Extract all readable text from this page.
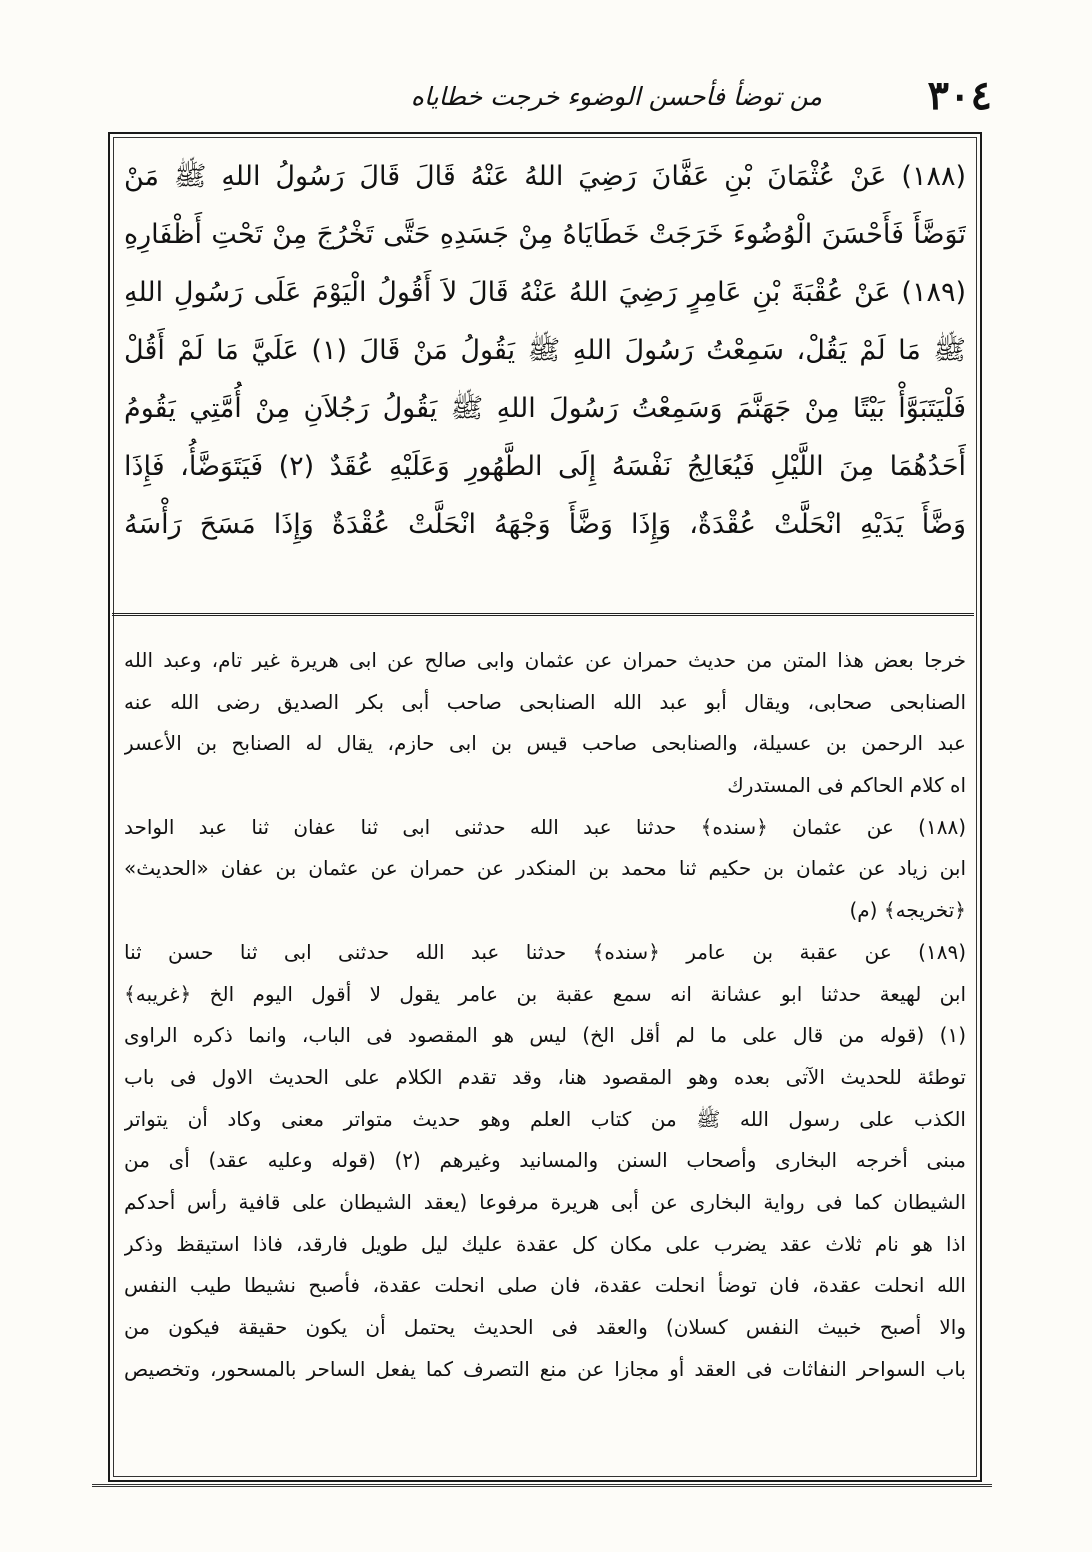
٣٠٤
من توضأ فأحسن الوضوء خرجت خطاياه
(١٨٨) عَنْ عُثْمَانَ بْنِ عَفَّانَ رَضِيَ اللهُ عَنْهُ قَالَ قَالَ رَسُولُ اللهِ ﷺ مَنْ
تَوَضَّأَ فَأَحْسَنَ الْوُضُوءَ خَرَجَتْ خَطَايَاهُ مِنْ جَسَدِهِ حَتَّى تَخْرُجَ مِنْ تَحْتِ أَظْفَارِهِ
(١٨٩) عَنْ عُقْبَةَ بْنِ عَامِرٍ رَضِيَ اللهُ عَنْهُ قَالَ لاَ أَقُولُ الْيَوْمَ عَلَى رَسُولِ اللهِ
ﷺ مَا لَمْ يَقُلْ، سَمِعْتُ رَسُولَ اللهِ ﷺ يَقُولُ مَنْ قَالَ (١) عَلَيَّ مَا لَمْ أَقُلْ
فَلْيَتَبَوَّأْ بَيْتًا مِنْ جَهَنَّمَ وَسَمِعْتُ رَسُولَ اللهِ ﷺ يَقُولُ رَجُلاَنِ مِنْ أُمَّتِي يَقُومُ
أَحَدُهُمَا مِنَ اللَّيْلِ فَيُعَالِجُ نَفْسَهُ إِلَى الطَّهُورِ وَعَلَيْهِ عُقَدٌ (٢) فَيَتَوَضَّأُ، فَإِذَا
وَضَّأَ يَدَيْهِ انْحَلَّتْ عُقْدَةٌ، وَإِذَا وَضَّأَ وَجْهَهُ انْحَلَّتْ عُقْدَةٌ وَإِذَا مَسَحَ رَأْسَهُ
خرجا بعض هذا المتن من حديث حمران عن عثمان وابى صالح عن ابى هريرة غير تام، وعبد الله
الصنابحى صحابى، ويقال أبو عبد الله الصنابحى صاحب أبى بكر الصديق رضى الله عنه
عبد الرحمن بن عسيلة، والصنابحى صاحب قيس بن ابى حازم، يقال له الصنابح بن الأعسر
اه كلام الحاكم فى المستدرك
(١٨٨) عن عثمان ﴿سنده﴾ حدثنا عبد الله حدثنى ابى ثنا عفان ثنا عبد الواحد
ابن زياد عن عثمان بن حكيم ثنا محمد بن المنكدر عن حمران عن عثمان بن عفان «الحديث»
﴿تخريجه﴾ (م)
(١٨٩) عن عقبة بن عامر ﴿سنده﴾ حدثنا عبد الله حدثنى ابى ثنا حسن ثنا
ابن لهيعة حدثنا ابو عشانة انه سمع عقبة بن عامر يقول لا أقول اليوم الخ ﴿غريبه﴾
(١) (قوله من قال على ما لم أقل الخ) ليس هو المقصود فى الباب، وانما ذكره الراوى
توطئة للحديث الآتى بعده وهو المقصود هنا، وقد تقدم الكلام على الحديث الاول فى باب
الكذب على رسول الله ﷺ من كتاب العلم وهو حديث متواتر معنى وكاد أن يتواتر
مبنى أخرجه البخارى وأصحاب السنن والمسانيد وغيرهم (٢) (قوله وعليه عقد) أى من
الشيطان كما فى رواية البخارى عن أبى هريرة مرفوعا (يعقد الشيطان على قافية رأس أحدكم
اذا هو نام ثلاث عقد يضرب على مكان كل عقدة عليك ليل طويل فارقد، فاذا استيقظ وذكر
الله انحلت عقدة، فان توضأ انحلت عقدة، فان صلى انحلت عقدة، فأصبح نشيطا طيب النفس
والا أصبح خبيث النفس كسلان) والعقد فى الحديث يحتمل أن يكون حقيقة فيكون من
باب السواحر النفاثات فى العقد أو مجازا عن منع التصرف كما يفعل الساحر بالمسحور، وتخصيص
